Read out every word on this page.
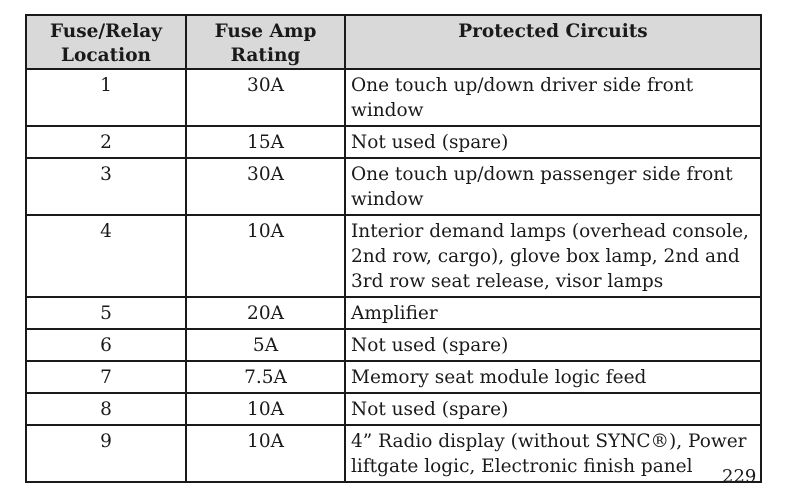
Fuse/Relay Location	Fuse Amp Rating	Protected Circuits
1	30A	One touch up/down driver side front window
2	15A	Not used (spare)
3	30A	One touch up/down passenger side front window
4	10A	Interior demand lamps (overhead console, 2nd row, cargo), glove box lamp, 2nd and 3rd row seat release, visor lamps
5	20A	Amplifier
6	5A	Not used (spare)
7	7.5A	Memory seat module logic feed
8	10A	Not used (spare)
9	10A	4” Radio display (without SYNC®), Power liftgate logic, Electronic finish panel 229
